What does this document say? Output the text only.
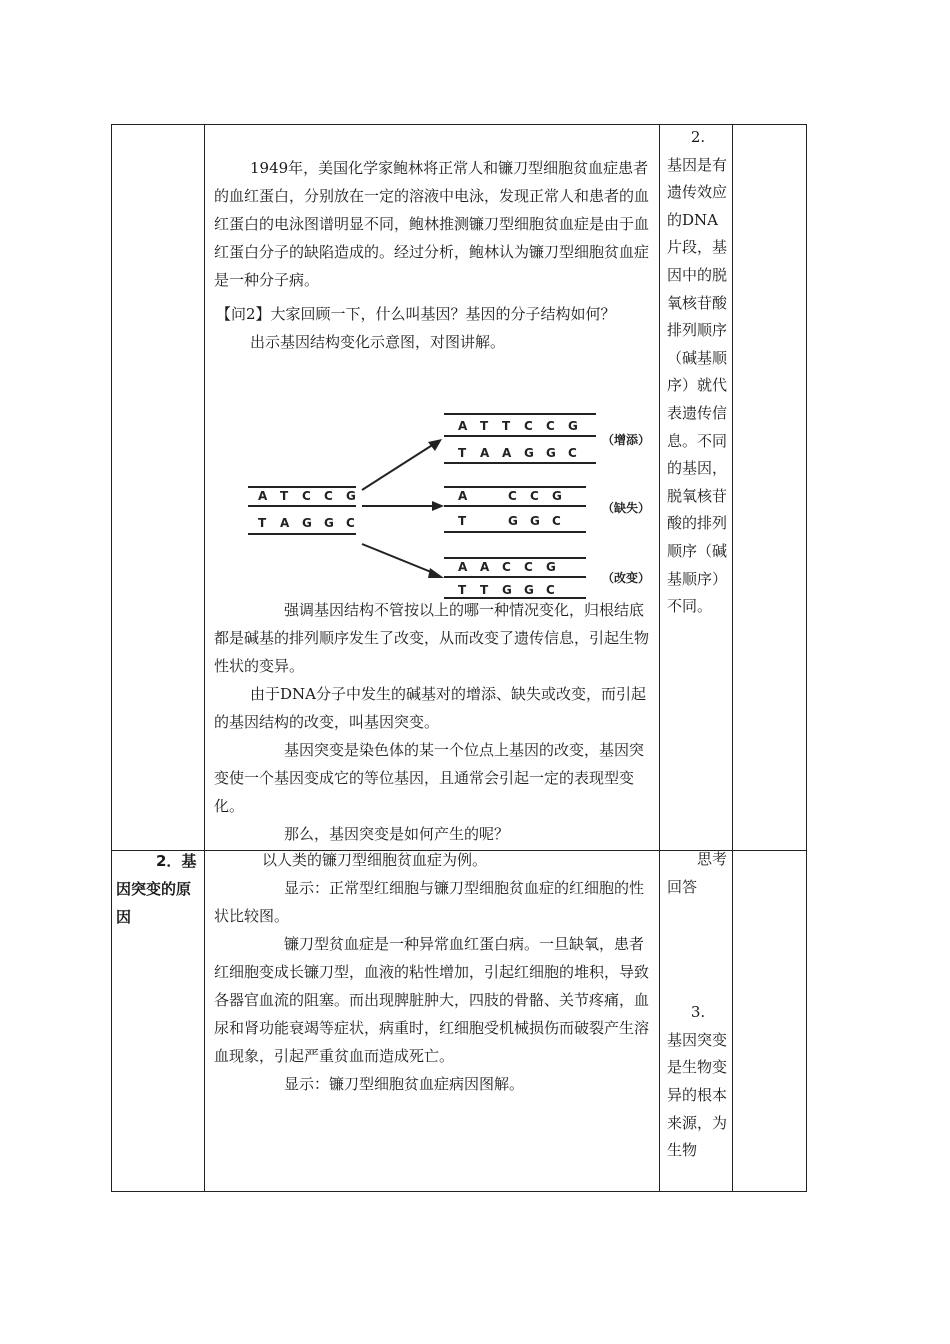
1949年，美国化学家鲍林将正常人和镰刀型细胞贫血症患者的血红蛋白，分别放在一定的溶液中电泳，发现正常人和患者的血红蛋白的电泳图谱明显不同，鲍林推测镰刀型细胞贫血症是由于血红蛋白分子的缺陷造成的。经过分析，鲍林认为镰刀型细胞贫血症是一种分子病。

【问2】大家回顾一下，什么叫基因？基因的分子结构如何？

出示基因结构变化示意图，对图讲解。

A T C C G
T A G G C
A T T C C G
T A A G G C
A	C C G
T	G G C
A A C C G
T T G G C
（增添）
（缺失）
（改变）

强调基因结构不管按以上的哪一种情况变化，归根结底都是碱基的排列顺序发生了改变，从而改变了遗传信息，引起生物性状的变异。

由于DNA分子中发生的碱基对的增添、缺失或改变，而引起的基因结构的改变，叫基因突变。

基因突变是染色体的某一个位点上基因的改变，基因突变使一个基因变成它的等位基因，且通常会引起一定的表现型变化。

那么，基因突变是如何产生的呢？

2.

基因是有遗传效应的DNA片段，基因中的脱氧核苷酸排列顺序（碱基顺序）就代表遗传信息。不同的基因，脱氧核苷酸的排列顺序（碱基顺序）不同。

2．基因突变的原因

以人类的镰刀型细胞贫血症为例。

显示：正常型红细胞与镰刀型细胞贫血症的红细胞的性状比较图。

镰刀型贫血症是一种异常血红蛋白病。一旦缺氧，患者红细胞变成长镰刀型，血液的粘性增加，引起红细胞的堆积，导致各器官血流的阻塞。而出现脾脏肿大，四肢的骨骼、关节疼痛，血尿和肾功能衰竭等症状，病重时，红细胞受机械损伤而破裂产生溶血现象，引起严重贫血而造成死亡。

显示：镰刀型细胞贫血症病因图解。

思考回答

3.

基因突变是生物变异的根本来源，为生物
